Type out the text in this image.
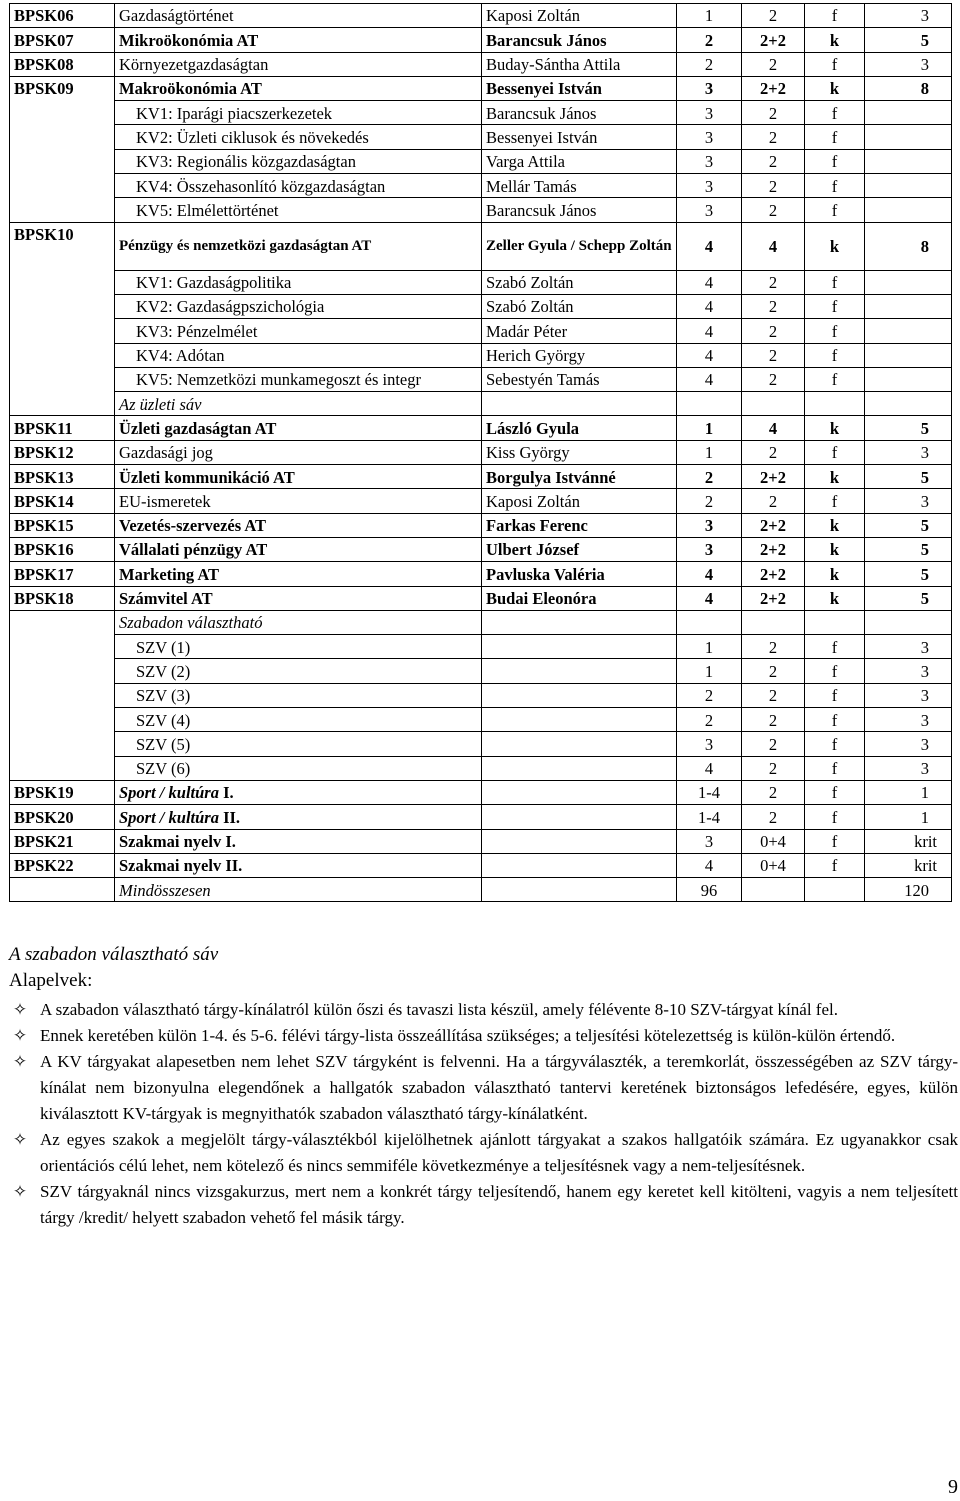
BPSK06	Gazdaságtörténet	Kaposi Zoltán	1	2	f	3
BPSK07	Mikroökonómia AT	Barancsuk János	2	2+2	k	5
BPSK08	Környezetgazdaságtan	Buday-Sántha Attila	2	2	f	3
BPSK09	Makroökonómia AT	Bessenyei István	3	2+2	k	8
	KV1: Iparági piacszerkezetek	Barancsuk János	3	2	f	
	KV2: Üzleti ciklusok és növekedés	Bessenyei István	3	2	f	
	KV3: Regionális közgazdaságtan	Varga Attila	3	2	f	
	KV4: Összehasonlító közgazdaságtan	Mellár Tamás	3	2	f	
	KV5: Elmélettörténet	Barancsuk János	3	2	f	
BPSK10	Pénzügy és nemzetközi gazdaságtan AT	Zeller Gyula / Schepp Zoltán	4	4	k	8
	KV1: Gazdaságpolitika	Szabó Zoltán	4	2	f	
	KV2: Gazdaságpszichológia	Szabó Zoltán	4	2	f	
	KV3: Pénzelmélet	Madár Péter	4	2	f	
	KV4: Adótan	Herich György	4	2	f	
	KV5: Nemzetközi munkamegoszt és integr	Sebestyén Tamás	4	2	f	
	Az üzleti sáv					
BPSK11	Üzleti gazdaságtan AT	László Gyula	1	4	k	5
BPSK12	Gazdasági jog	Kiss György	1	2	f	3
BPSK13	Üzleti kommunikáció AT	Borgulya Istvánné	2	2+2	k	5
BPSK14	EU-ismeretek	Kaposi Zoltán	2	2	f	3
BPSK15	Vezetés-szervezés AT	Farkas Ferenc	3	2+2	k	5
BPSK16	Vállalati pénzügy AT	Ulbert József	3	2+2	k	5
BPSK17	Marketing AT	Pavluska Valéria	4	2+2	k	5
BPSK18	Számvitel AT	Budai Eleonóra	4	2+2	k	5
	Szabadon választható					
	SZV (1)		1	2	f	3
	SZV (2)		1	2	f	3
	SZV (3)		2	2	f	3
	SZV (4)		2	2	f	3
	SZV (5)		3	2	f	3
	SZV (6)		4	2	f	3
BPSK19	Sport / kultúra I.		1-4	2	f	1
BPSK20	Sport / kultúra II.		1-4	2	f	1
BPSK21	Szakmai nyelv I.		3	0+4	f	krit
BPSK22	Szakmai nyelv II.		4	0+4	f	krit
	Mindösszesen		96			120
A szabadon választható sáv
Alapelvek:
✧ A szabadon választható tárgy-kínálatról külön őszi és tavaszi lista készül, amely félévente 8-10 SZV-tárgyat kínál fel.
✧ Ennek keretében külön 1-4. és 5-6. félévi tárgy-lista összeállítása szükséges; a teljesítési kötelezettség is külön-külön értendő.
✧ A KV tárgyakat alapesetben nem lehet SZV tárgyként is felvenni. Ha a tárgyválaszték, a teremkorlát, összességében az SZV tárgy-kínálat nem bizonyulna elegendőnek a hallgatók szabadon választható tantervi keretének biztonságos lefedésére, egyes, külön kiválasztott KV-tárgyak is megnyithatók szabadon választható tárgy-kínálatként.
✧ Az egyes szakok a megjelölt tárgy-választékból kijelölhetnek ajánlott tárgyakat a szakos hallgatóik számára. Ez ugyanakkor csak orientációs célú lehet, nem kötelező és nincs semmiféle következménye a teljesítésnek vagy a nem-teljesítésnek.
✧ SZV tárgyaknál nincs vizsgakurzus, mert nem a konkrét tárgy teljesítendő, hanem egy keretet kell kitölteni, vagyis a nem teljesített tárgy /kredit/ helyett szabadon vehető fel másik tárgy.
9
